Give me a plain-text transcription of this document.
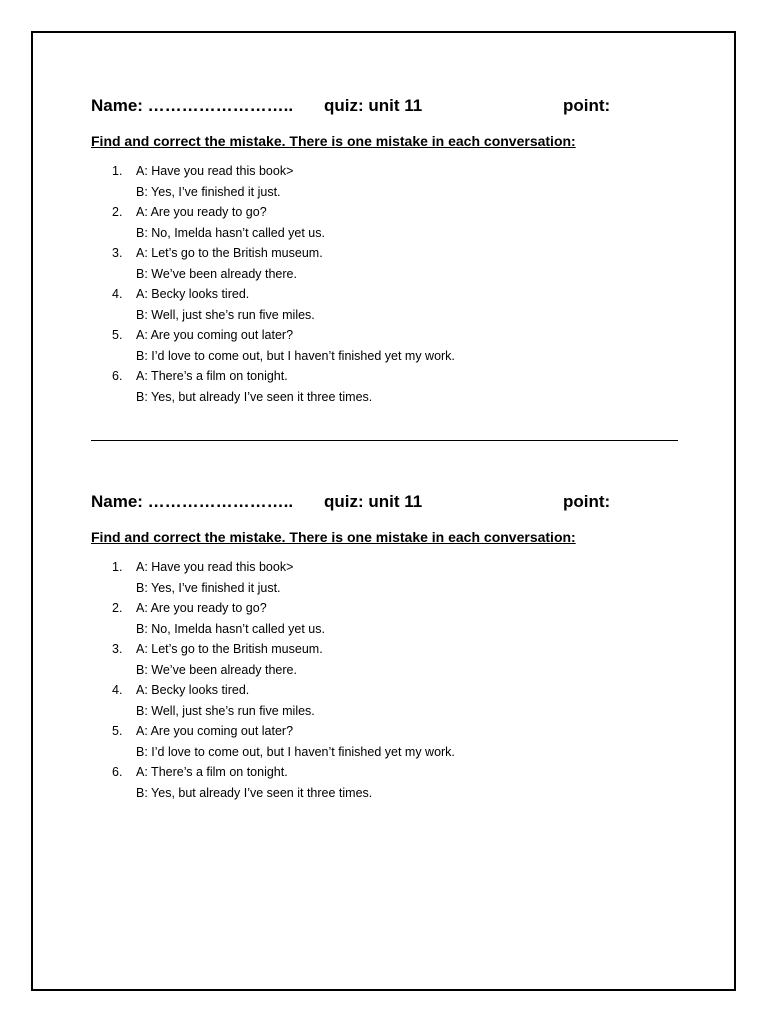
Name: …………………….. quiz: unit 11	point:
Find and correct the mistake. There is one mistake in each conversation:
1. A: Have you read this book>
B: Yes, I’ve finished it just.
2. A: Are you ready to go?
B: No, Imelda hasn’t called yet us.
3. A: Let’s go to the British museum.
B: We’ve been already there.
4. A: Becky looks tired.
B: Well, just she’s run five miles.
5. A: Are you coming out later?
B: I’d love to come out, but I haven’t finished yet my work.
6. A: There’s a film on tonight.
B: Yes, but already I’ve seen it three times.
Name: …………………….. quiz: unit 11	point:
Find and correct the mistake. There is one mistake in each conversation:
1. A: Have you read this book>
B: Yes, I’ve finished it just.
2. A: Are you ready to go?
B: No, Imelda hasn’t called yet us.
3. A: Let’s go to the British museum.
B: We’ve been already there.
4. A: Becky looks tired.
B: Well, just she’s run five miles.
5. A: Are you coming out later?
B: I’d love to come out, but I haven’t finished yet my work.
6. A: There’s a film on tonight.
B: Yes, but already I’ve seen it three times.
